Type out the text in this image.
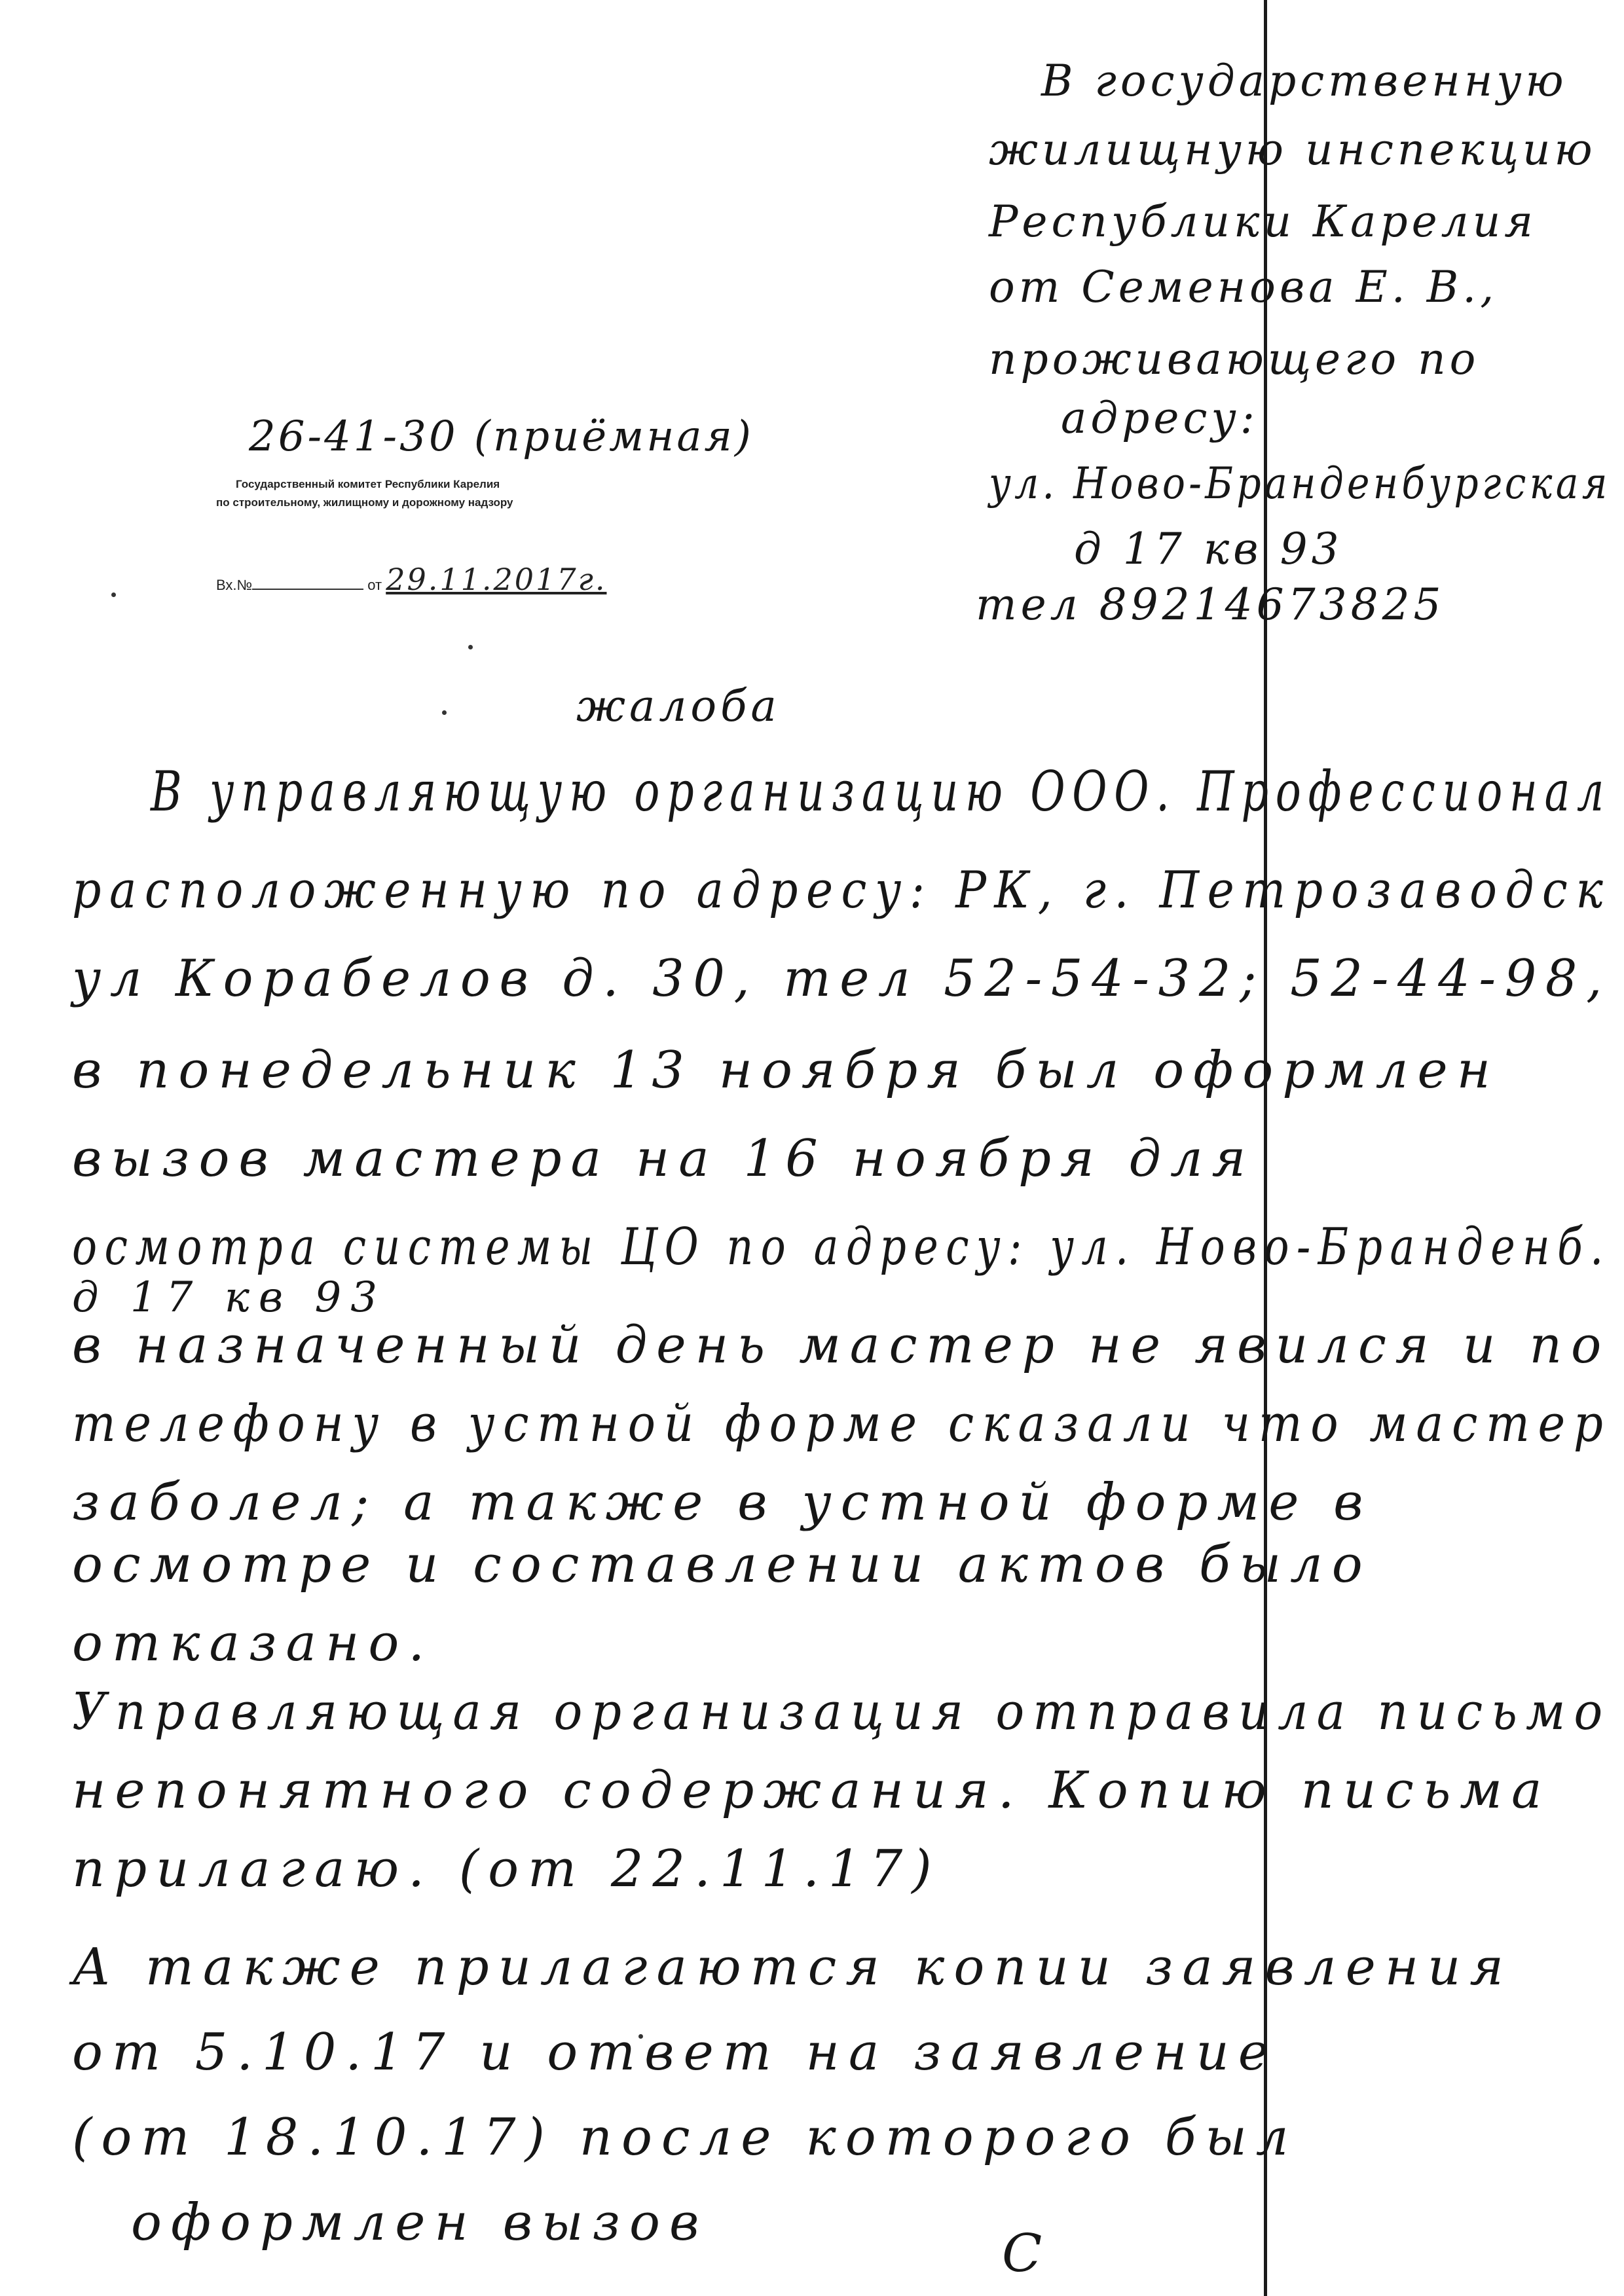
В государственную
жилищную инспекцию
Республики Карелия
от Семенова Е. В.,
проживающего по
адресу:
ул. Ново-Бранденбургская
д 17 кв 93
тел 89214673825
26-41-30 (приёмная)
Государственный комитет Республики Карелия
по строительному, жилищному и дорожному надзору
Вх.№	от 29.11.2017г.
жалоба
В управляющую организацию ООО. Профессионал
расположенную по адресу: РК, г. Петрозаводск
ул Корабелов д. 30, тел 52-54-32; 52-44-98,
в понедельник 13 ноября был оформлен
вызов мастера на 16 ноября для
осмотра системы ЦО по адресу: ул. Ново-Бранденб.
д 17 кв 93
в назначенный день мастер не явился и по
телефону в устной форме сказали что мастер
заболел; а также в устной форме в
осмотре и составлении актов было
отказано.
Управляющая организация отправила письмо
непонятного содержания. Копию письма
прилагаю. (от 22.11.17)
А также прилагаются копии заявления
от 5.10.17 и ответ на заявление
(от 18.10.17) после которого был
оформлен вызов	С
